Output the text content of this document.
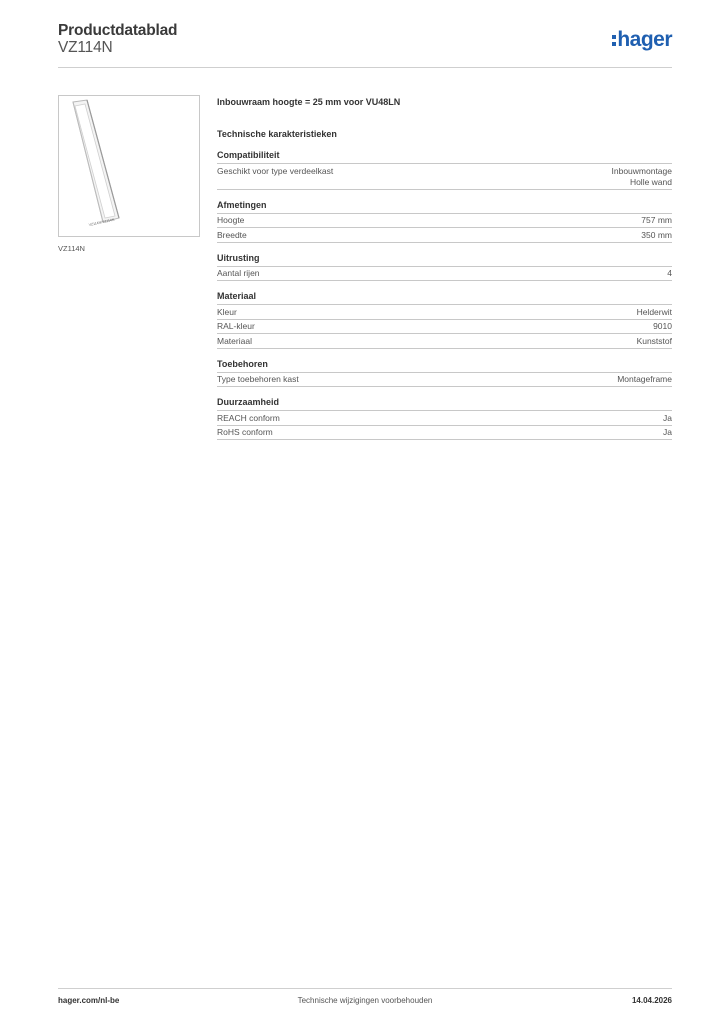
Productdatablad
VZ114N	hager
VZ114N/VZ114N
VZ114N
Inbouwraam hoogte = 25 mm voor VU48LN
Technische karakteristieken
Compatibiliteit
Geschikt voor type verdeelkast	Inbouwmontage
Holle wand
Afmetingen
Hoogte	757 mm
Breedte	350 mm
Uitrusting
Aantal rijen	4
Materiaal
Kleur	Helderwit
RAL-kleur	9010
Materiaal	Kunststof
Toebehoren
Type toebehoren kast	Montageframe
Duurzaamheid
REACH conform	Ja
RoHS conform	Ja
hager.com/nl-be	Technische wijzigingen voorbehouden	14.04.2026
